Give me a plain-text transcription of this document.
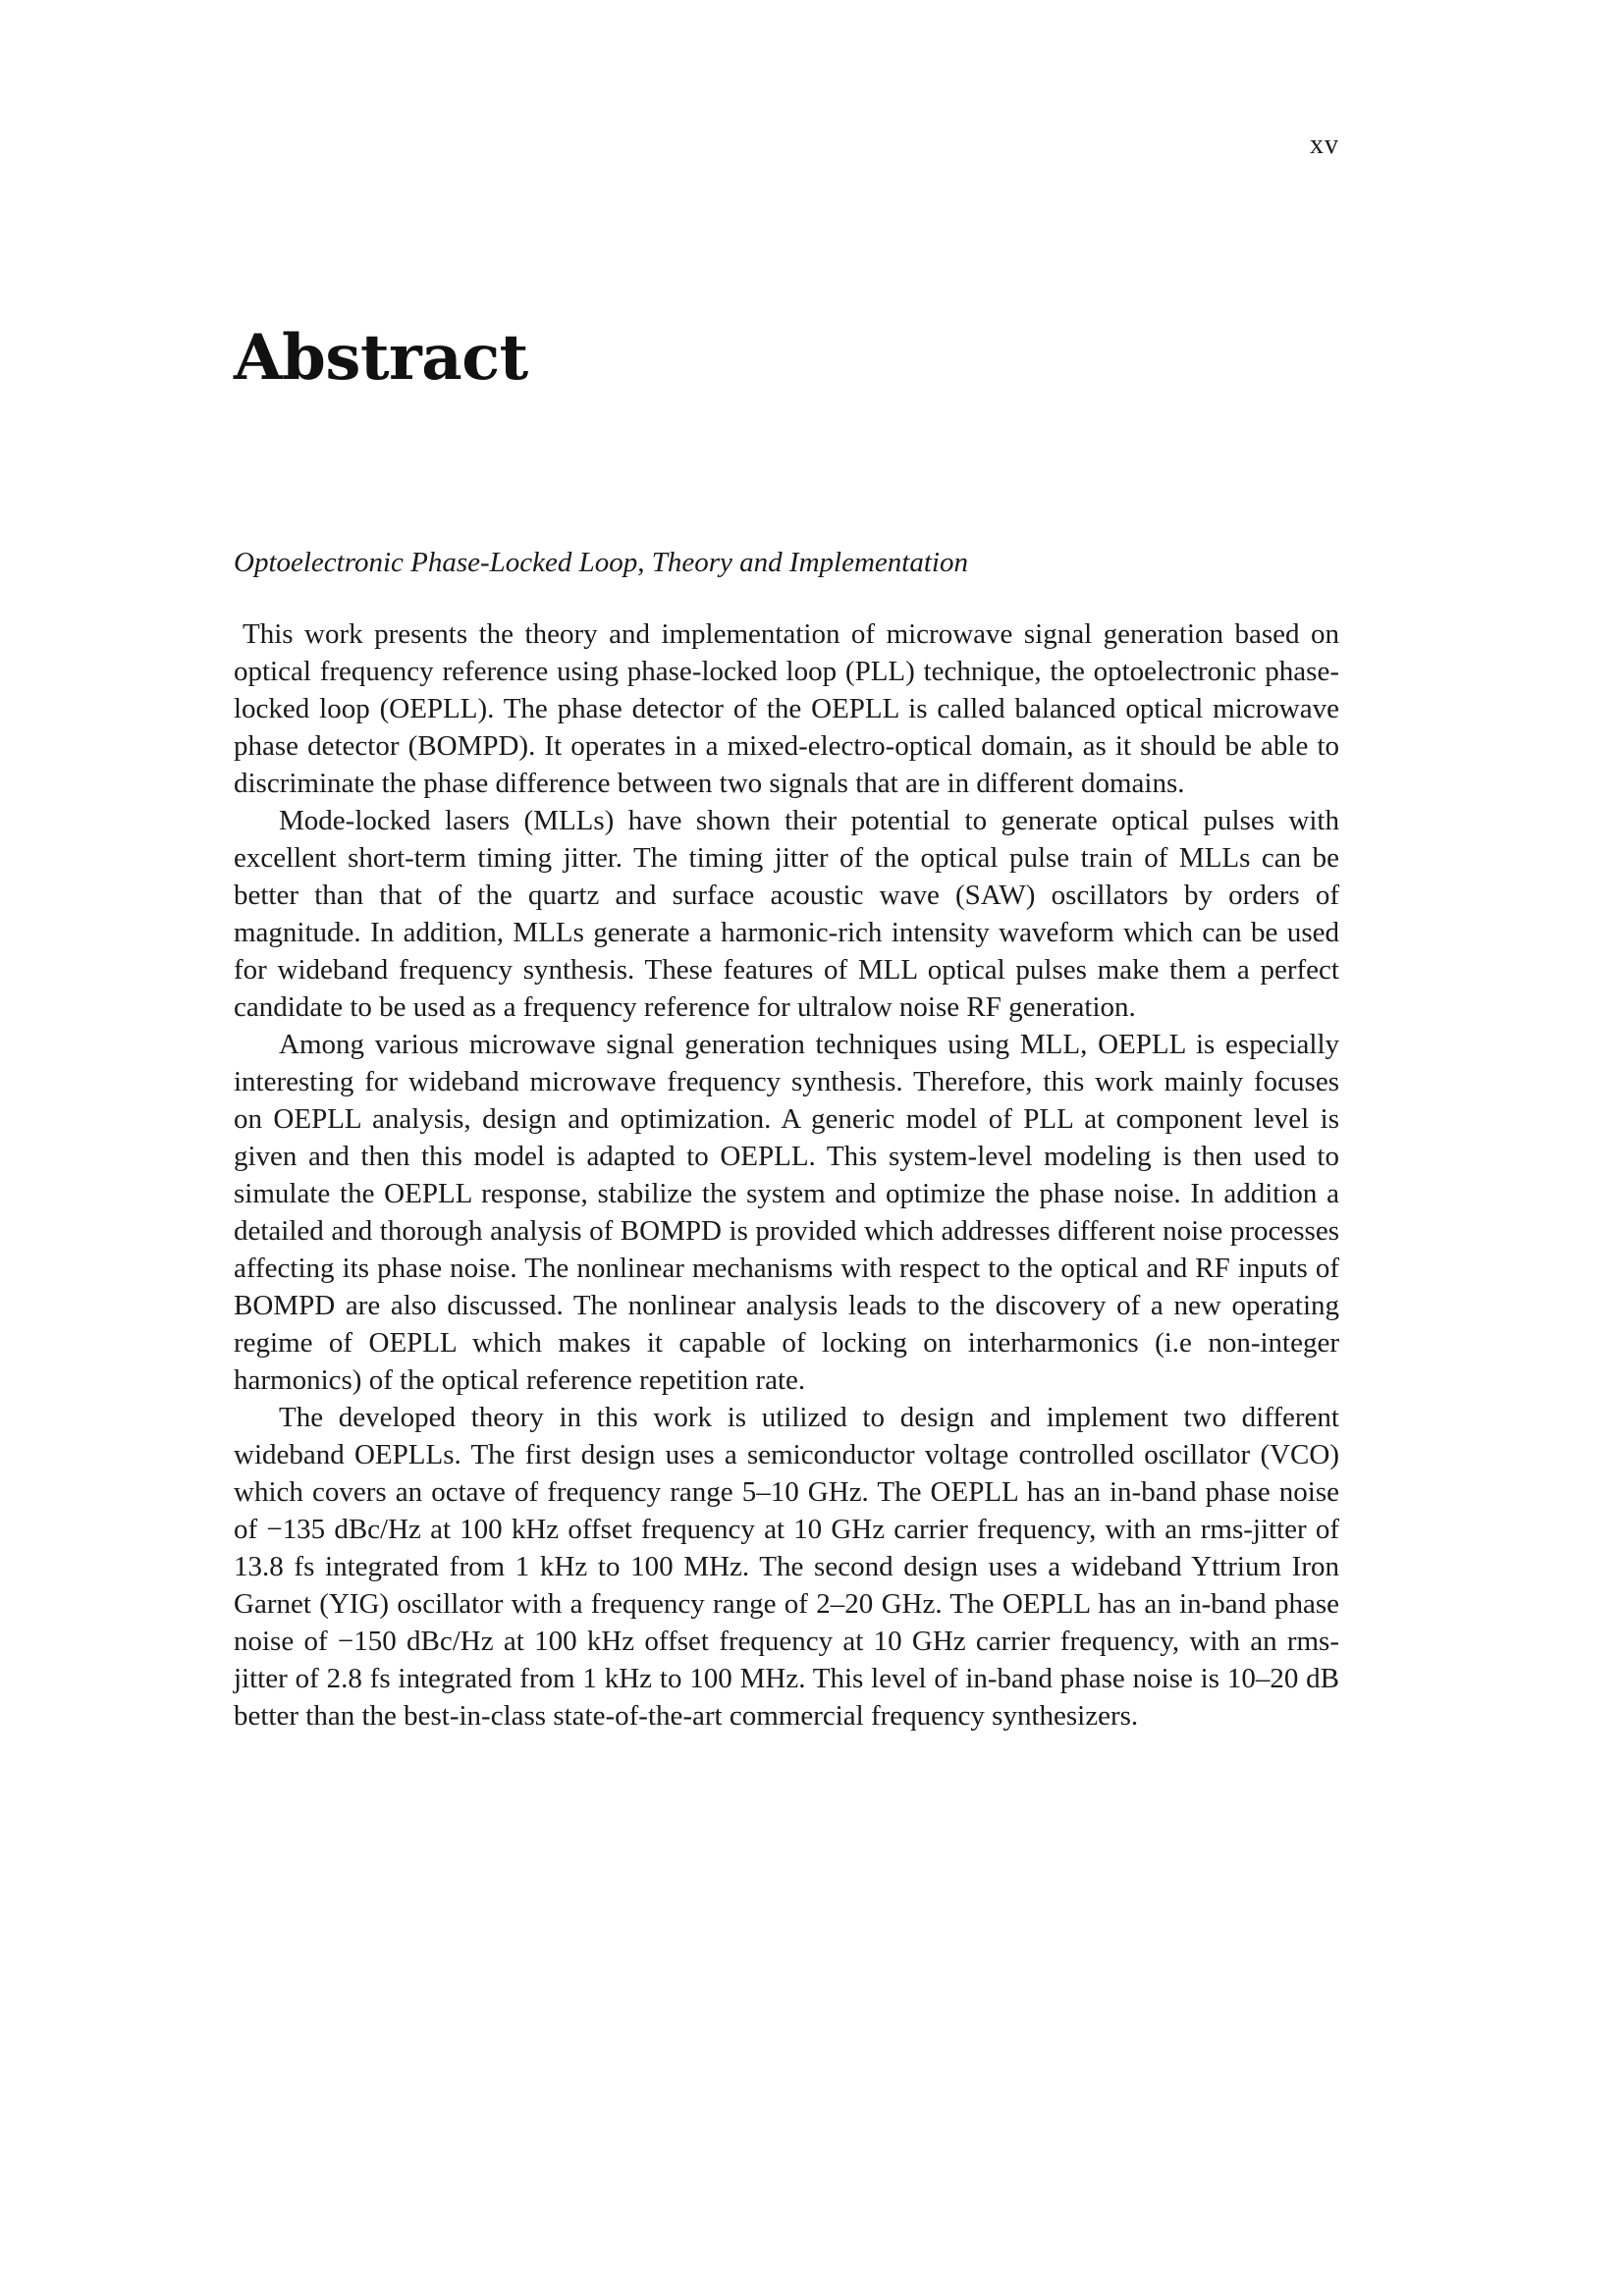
xv
Abstract

Optoelectronic Phase-Locked Loop, Theory and Implementation

This work presents the theory and implementation of microwave signal generation based on optical frequency reference using phase-locked loop (PLL) technique, the optoelectronic phase-locked loop (OEPLL). The phase detector of the OEPLL is called balanced optical microwave phase detector (BOMPD). It operates in a mixed-electro-optical domain, as it should be able to discriminate the phase difference between two signals that are in different domains.

Mode-locked lasers (MLLs) have shown their potential to generate optical pulses with excellent short-term timing jitter. The timing jitter of the optical pulse train of MLLs can be better than that of the quartz and surface acoustic wave (SAW) oscillators by orders of magnitude. In addition, MLLs generate a harmonic-rich intensity waveform which can be used for wideband frequency synthesis. These features of MLL optical pulses make them a perfect candidate to be used as a frequency reference for ultralow noise RF generation.

Among various microwave signal generation techniques using MLL, OEPLL is especially interesting for wideband microwave frequency synthesis. Therefore, this work mainly focuses on OEPLL analysis, design and optimization. A generic model of PLL at component level is given and then this model is adapted to OEPLL. This system-level modeling is then used to simulate the OEPLL response, stabilize the system and optimize the phase noise. In addition a detailed and thorough analysis of BOMPD is provided which addresses different noise processes affecting its phase noise. The nonlinear mechanisms with respect to the optical and RF inputs of BOMPD are also discussed. The nonlinear analysis leads to the discovery of a new operating regime of OEPLL which makes it capable of locking on interharmonics (i.e non-integer harmonics) of the optical reference repetition rate.

The developed theory in this work is utilized to design and implement two different wideband OEPLLs. The first design uses a semiconductor voltage controlled oscillator (VCO) which covers an octave of frequency range 5–10 GHz. The OEPLL has an in-band phase noise of −135 dBc/Hz at 100 kHz offset frequency at 10 GHz carrier frequency, with an rms-jitter of 13.8 fs integrated from 1 kHz to 100 MHz. The second design uses a wideband Yttrium Iron Garnet (YIG) oscillator with a frequency range of 2–20 GHz. The OEPLL has an in-band phase noise of −150 dBc/Hz at 100 kHz offset frequency at 10 GHz carrier frequency, with an rms-jitter of 2.8 fs integrated from 1 kHz to 100 MHz. This level of in-band phase noise is 10–20 dB better than the best-in-class state-of-the-art commercial frequency synthesizers.
